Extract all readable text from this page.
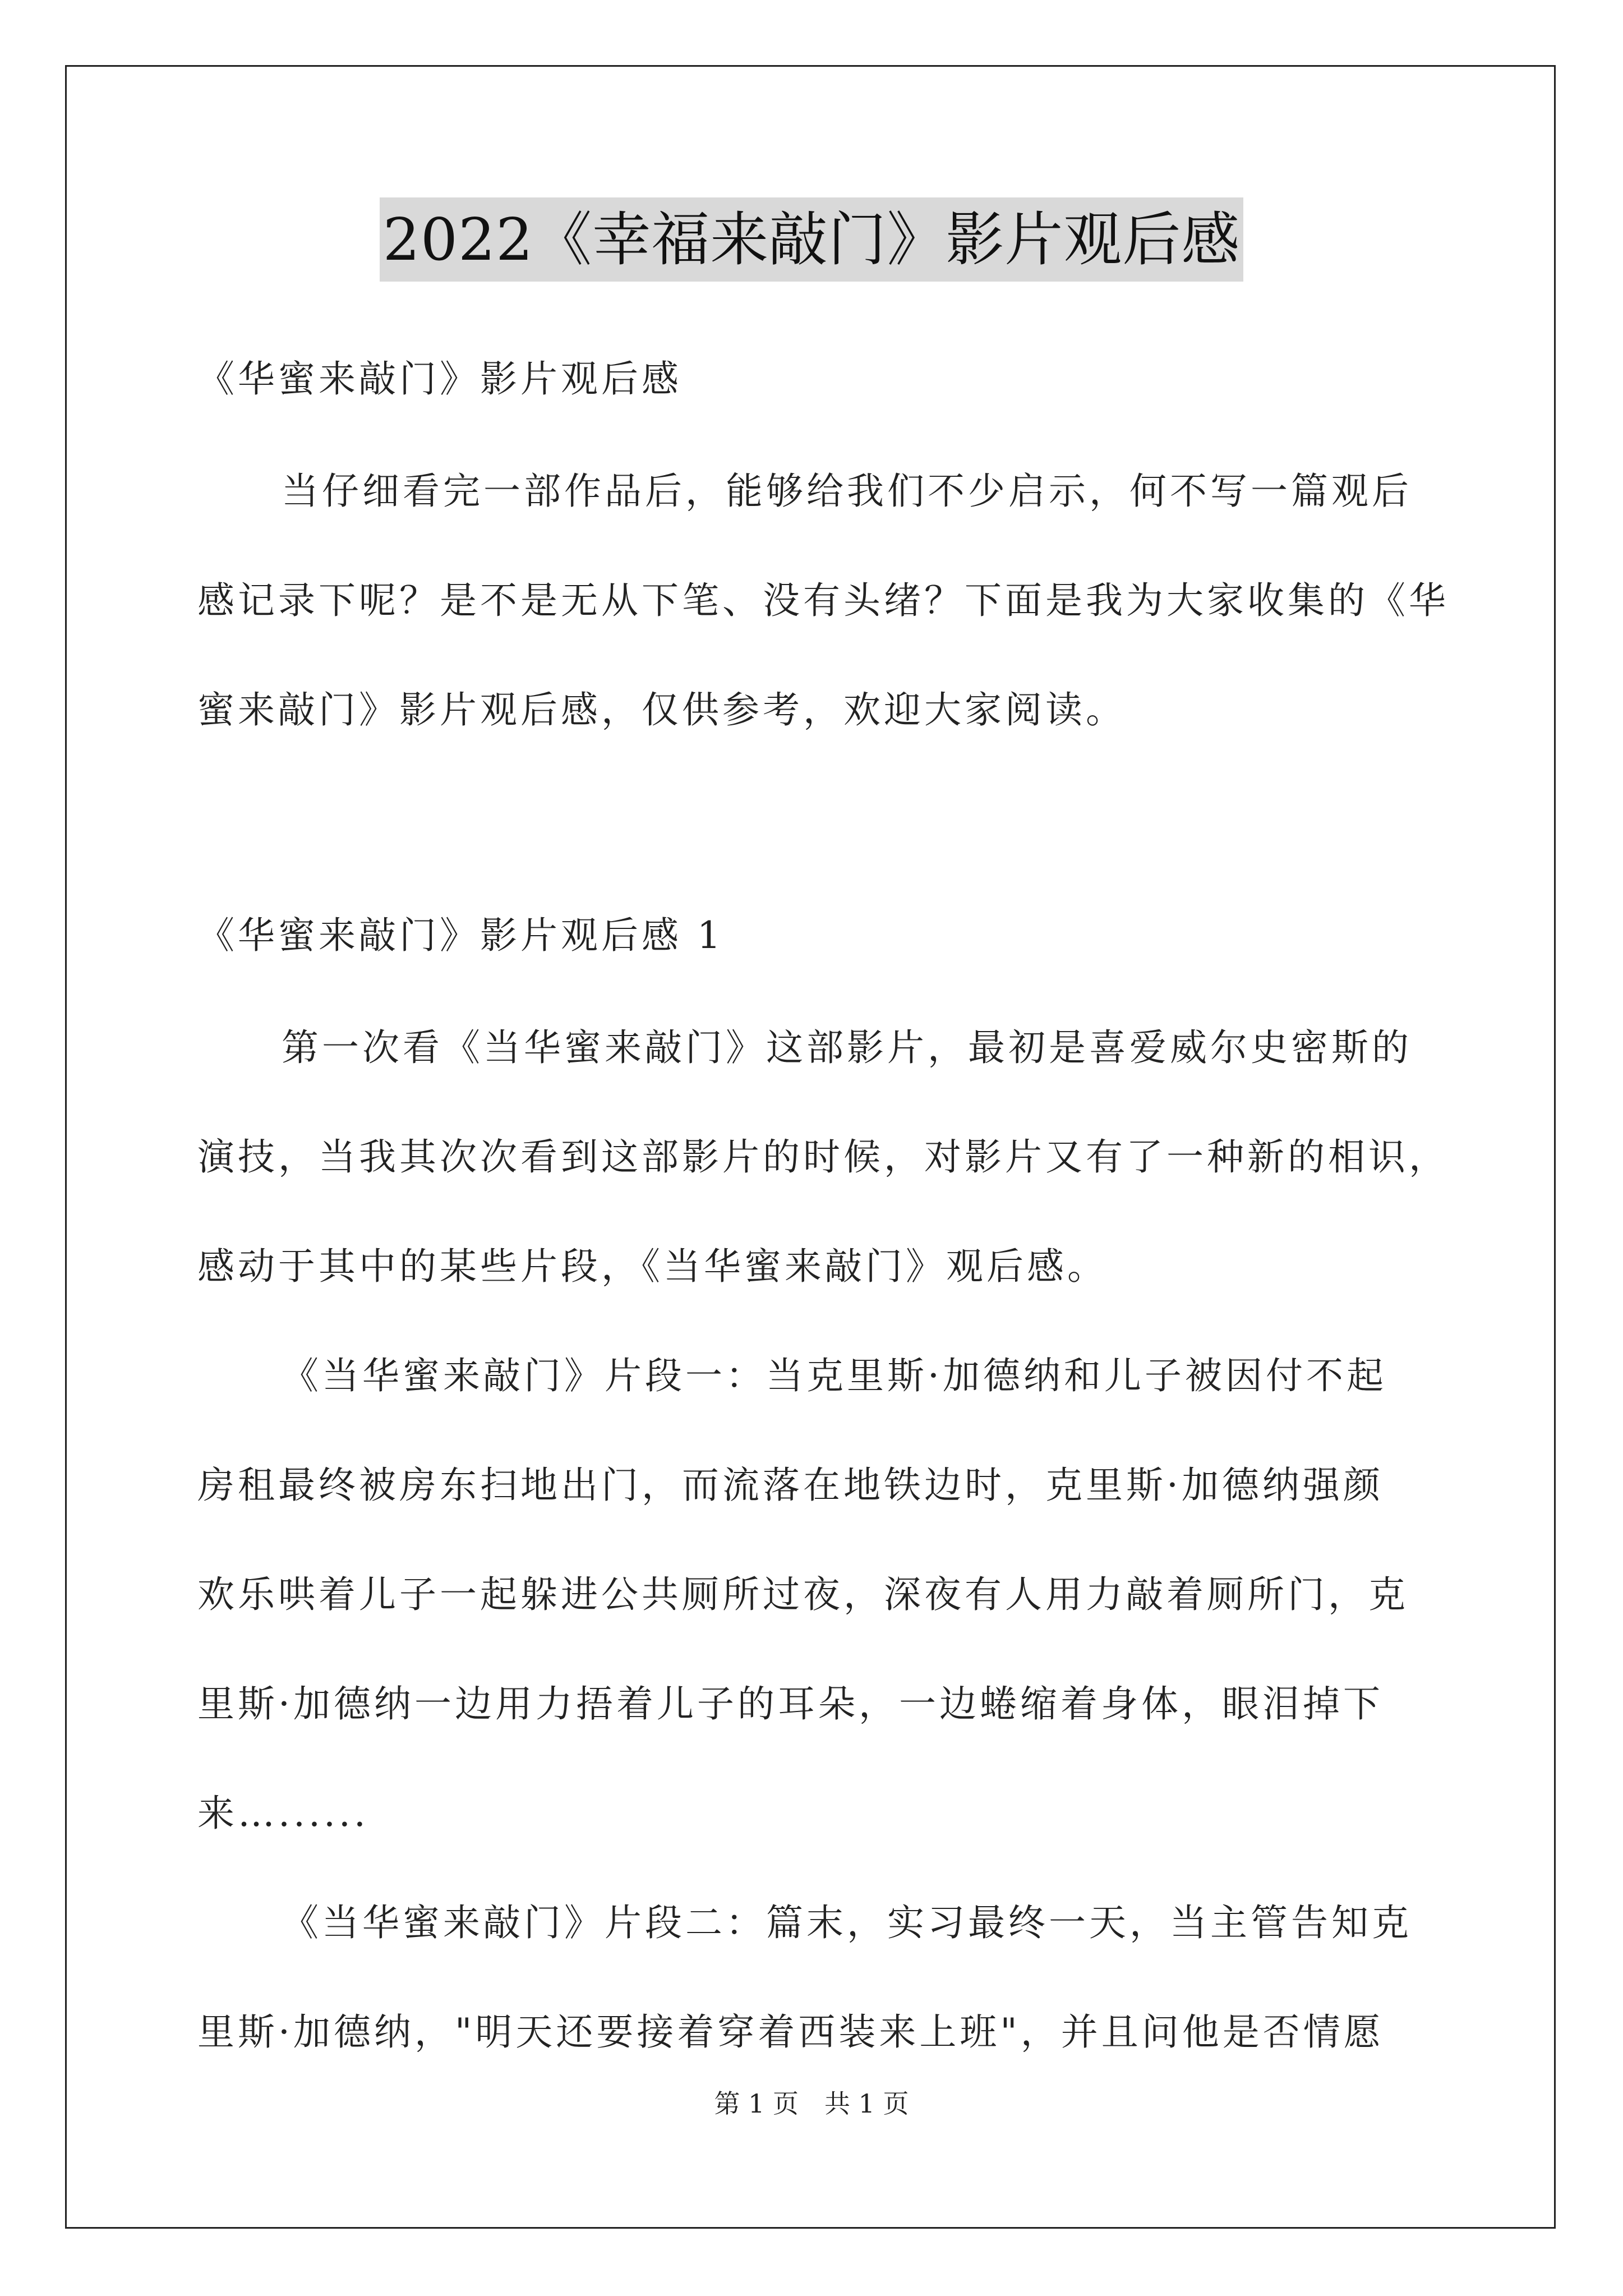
2022《幸福来敲门》影片观后感

《华蜜来敲门》影片观后感

当仔细看完一部作品后，能够给我们不少启示，何不写一篇观后

感记录下呢？是不是无从下笔、没有头绪？下面是我为大家收集的《华

蜜来敲门》影片观后感，仅供参考，欢迎大家阅读。

《华蜜来敲门》影片观后感 1

第一次看《当华蜜来敲门》这部影片，最初是喜爱威尔史密斯的

演技，当我其次次看到这部影片的时候，对影片又有了一种新的相识，

感动于其中的某些片段，《当华蜜来敲门》观后感。

《当华蜜来敲门》片段一：当克里斯·加德纳和儿子被因付不起

房租最终被房东扫地出门，而流落在地铁边时，克里斯·加德纳强颜

欢乐哄着儿子一起躲进公共厕所过夜，深夜有人用力敲着厕所门，克

里斯·加德纳一边用力捂着儿子的耳朵，一边蜷缩着身体，眼泪掉下

来…......

《当华蜜来敲门》片段二：篇末，实习最终一天，当主管告知克

里斯·加德纳，"明天还要接着穿着西装来上班"，并且问他是否情愿

第 1 页　共 1 页
